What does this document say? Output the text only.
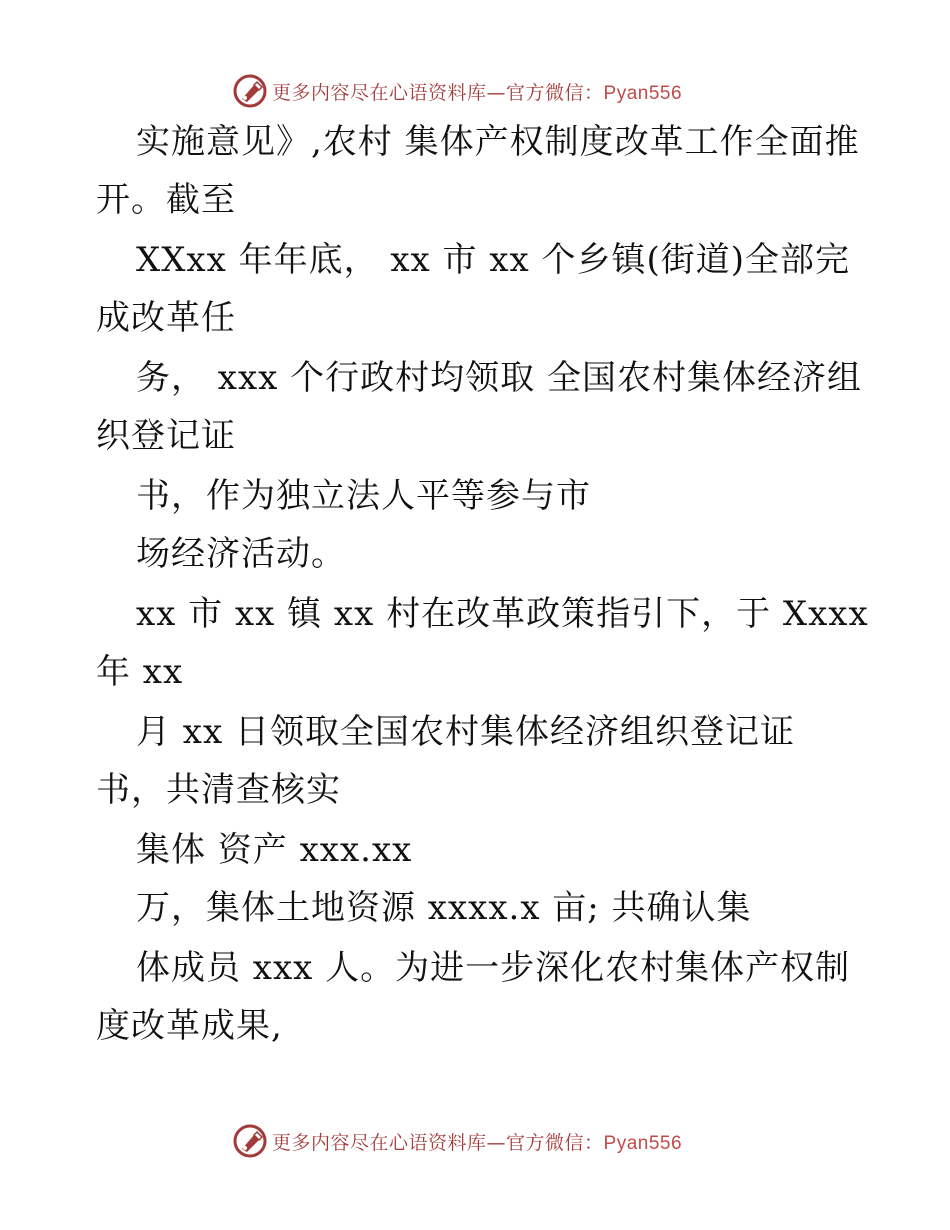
更多内容尽在心语资料库—官方微信：Pyan556
实施意见》,农村 集体产权制度改革工作全面推
开。截至
XXxx 年年底， xx 市 xx 个乡镇(街道)全部完
成改革任
务， xxx 个行政村均领取 全国农村集体经济组
织登记证
书，作为独立法人平等参与市
场经济活动。
xx 市 xx 镇 xx 村在改革政策指引下，于 Xxxx
年 xx
月 xx 日领取全国农村集体经济组织登记证
书，共清查核实
集体 资产 xxx.xx
万，集体土地资源 xxxx.x 亩; 共确认集
体成员 xxx 人。为进一步深化农村集体产权制
度改革成果,
更多内容尽在心语资料库—官方微信：Pyan556
